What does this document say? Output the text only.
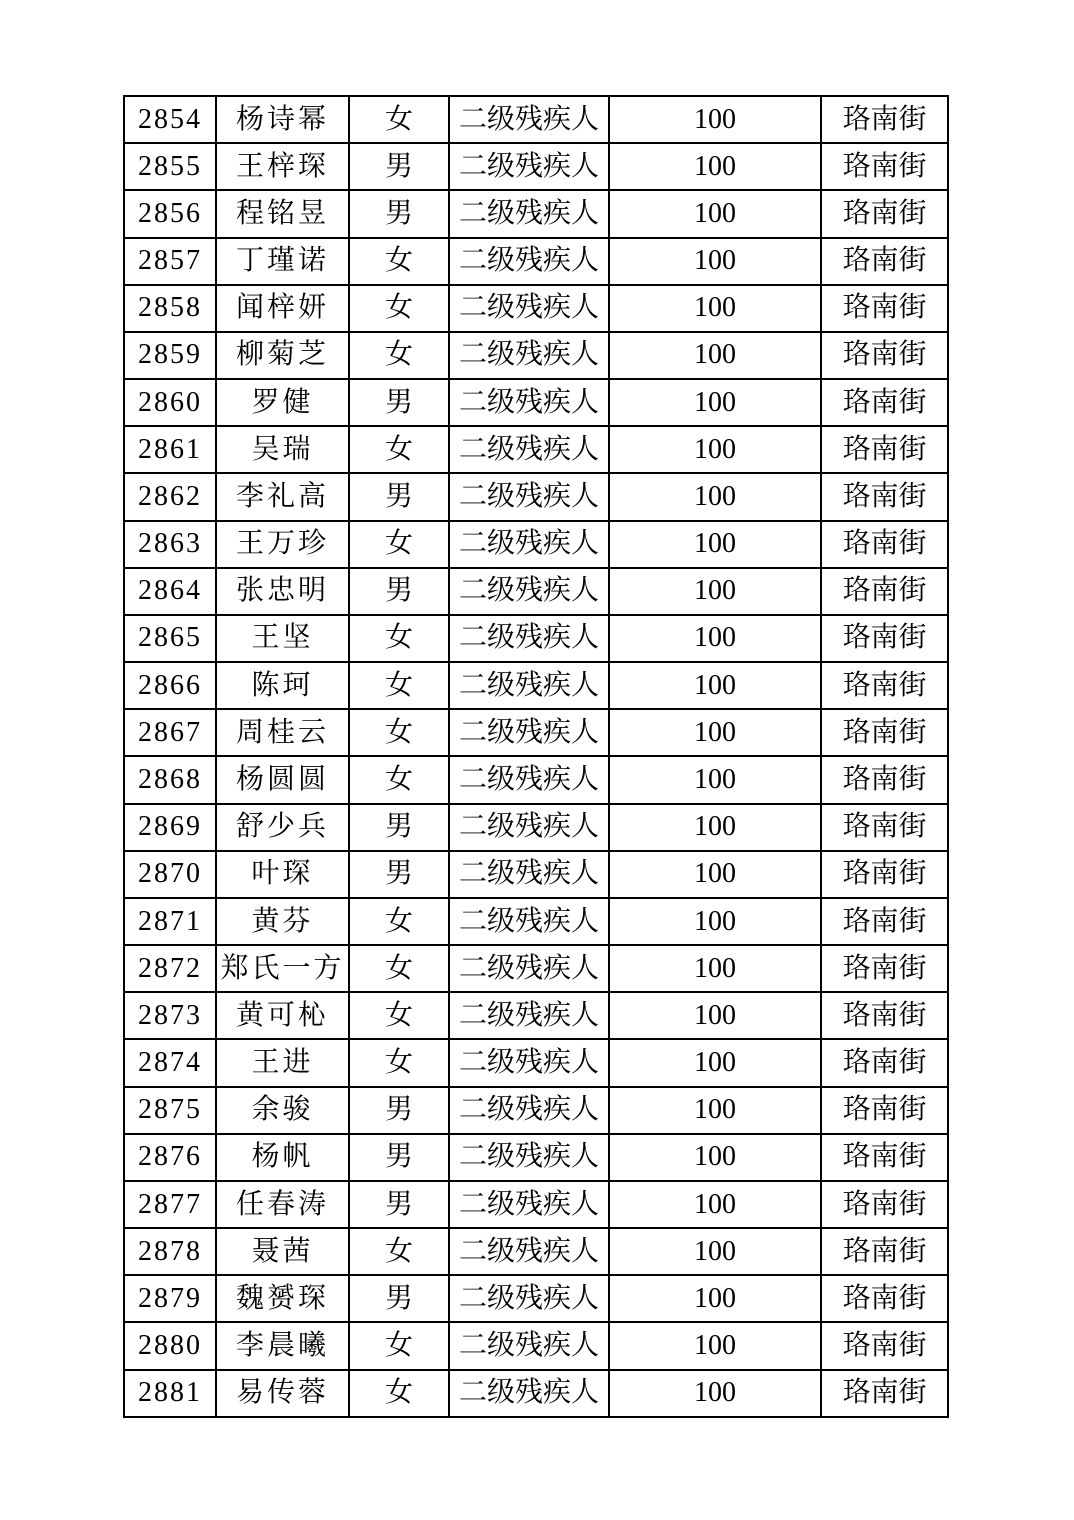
2854	杨诗幂	女	二级残疾人	100	珞南街
2855	王梓琛	男	二级残疾人	100	珞南街
2856	程铭昱	男	二级残疾人	100	珞南街
2857	丁瑾诺	女	二级残疾人	100	珞南街
2858	闻梓妍	女	二级残疾人	100	珞南街
2859	柳菊芝	女	二级残疾人	100	珞南街
2860	罗健	男	二级残疾人	100	珞南街
2861	吴瑞	女	二级残疾人	100	珞南街
2862	李礼高	男	二级残疾人	100	珞南街
2863	王万珍	女	二级残疾人	100	珞南街
2864	张忠明	男	二级残疾人	100	珞南街
2865	王坚	女	二级残疾人	100	珞南街
2866	陈珂	女	二级残疾人	100	珞南街
2867	周桂云	女	二级残疾人	100	珞南街
2868	杨圆圆	女	二级残疾人	100	珞南街
2869	舒少兵	男	二级残疾人	100	珞南街
2870	叶琛	男	二级残疾人	100	珞南街
2871	黄芬	女	二级残疾人	100	珞南街
2872	郑氏一方	女	二级残疾人	100	珞南街
2873	黄可杺	女	二级残疾人	100	珞南街
2874	王进	女	二级残疾人	100	珞南街
2875	余骏	男	二级残疾人	100	珞南街
2876	杨帆	男	二级残疾人	100	珞南街
2877	任春涛	男	二级残疾人	100	珞南街
2878	聂茜	女	二级残疾人	100	珞南街
2879	魏赟琛	男	二级残疾人	100	珞南街
2880	李晨曦	女	二级残疾人	100	珞南街
2881	易传蓉	女	二级残疾人	100	珞南街
